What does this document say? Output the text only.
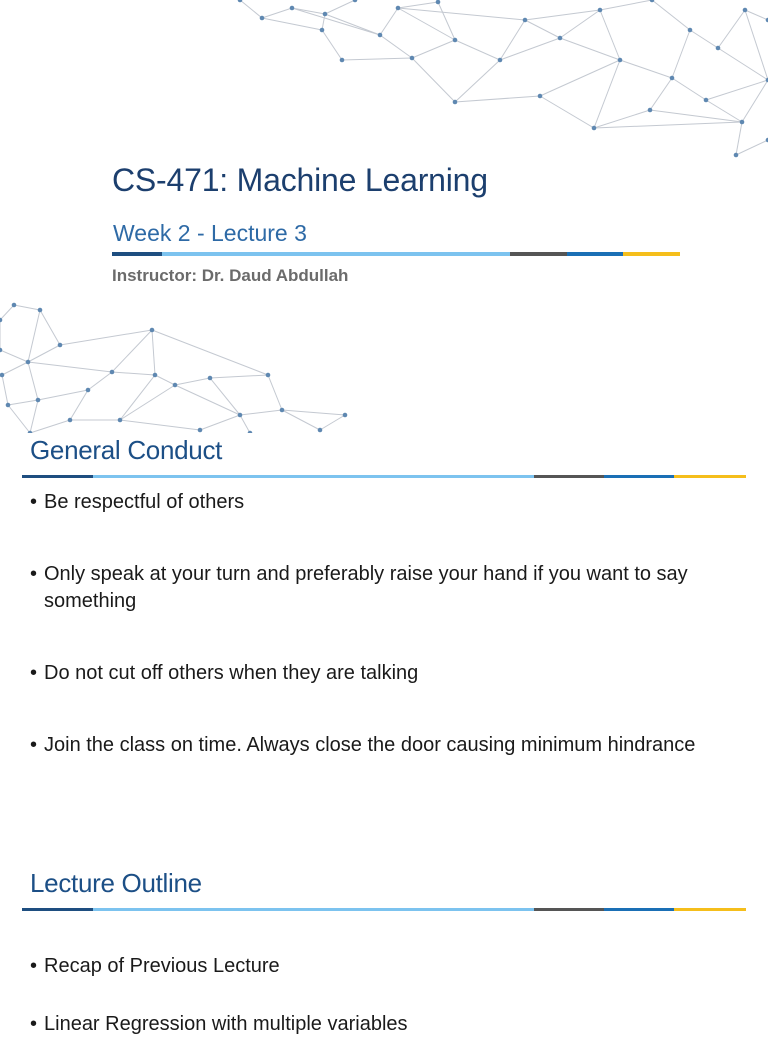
CS-471: Machine Learning

Week 2 - Lecture 3

Instructor: Dr. Daud Abdullah

General Conduct
• Be respectful of others
• Only speak at your turn and preferably raise your hand if you want to say something
• Do not cut off others when they are talking
• Join the class on time. Always close the door causing minimum hindrance
Lecture Outline
• Recap of Previous Lecture
• Linear Regression with multiple variables
